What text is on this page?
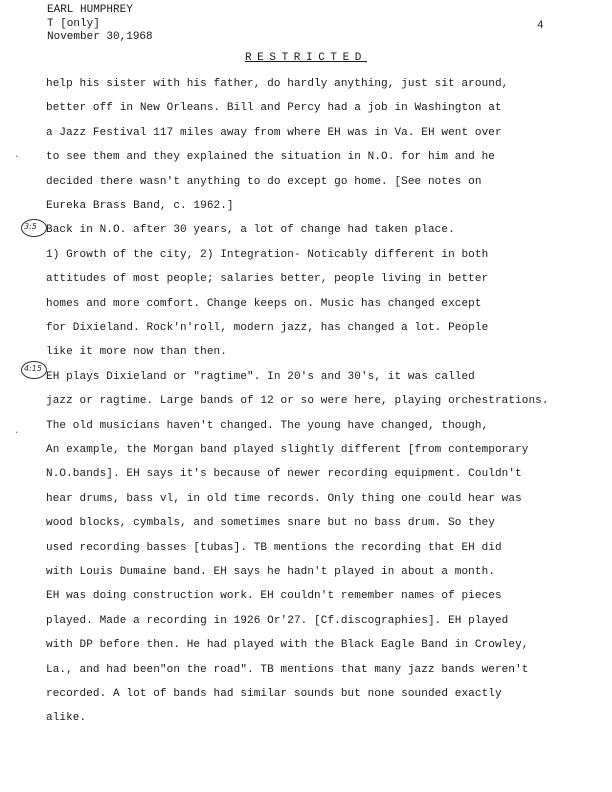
EARL HUMPHREY
T [only]
November 30,1968
4
RESTRICTED
3:5
4:15
·
·
help his sister with his father, do hardly anything, just sit around,
better off in New Orleans. Bill and Percy had a job in Washington at
a Jazz Festival 117 miles away from where EH was in Va. EH went over
to see them and they explained the situation in N.O. for him and he
decided there wasn't anything to do except go home. [See notes on
Eureka Brass Band, c. 1962.]
Back in N.O. after 30 years, a lot of change had taken place.
1) Growth of the city, 2) Integration- Noticably different in both
attitudes of most people; salaries better, people living in better
homes and more comfort. Change keeps on. Music has changed except
for Dixieland. Rock'n'roll, modern jazz, has changed a lot. People
like it more now than then.
EH plays Dixieland or "ragtime". In 20's and 30's, it was called
jazz or ragtime. Large bands of 12 or so were here, playing orchestrations.
The old musicians haven't changed. The young have changed, though,
An example, the Morgan band played slightly different [from contemporary
N.O.bands]. EH says it's because of newer recording equipment. Couldn't
hear drums, bass vl, in old time records. Only thing one could hear was
wood blocks, cymbals, and sometimes snare but no bass drum. So they
used recording basses [tubas]. TB mentions the recording that EH did
with Louis Dumaine band. EH says he hadn't played in about a month.
EH was doing construction work. EH couldn't remember names of pieces
played. Made a recording in 1926 Or'27. [Cf.discographies]. EH played
with DP before then. He had played with the Black Eagle Band in Crowley,
La., and had been"on the road". TB mentions that many jazz bands weren't
recorded. A lot of bands had similar sounds but none sounded exactly
alike.
